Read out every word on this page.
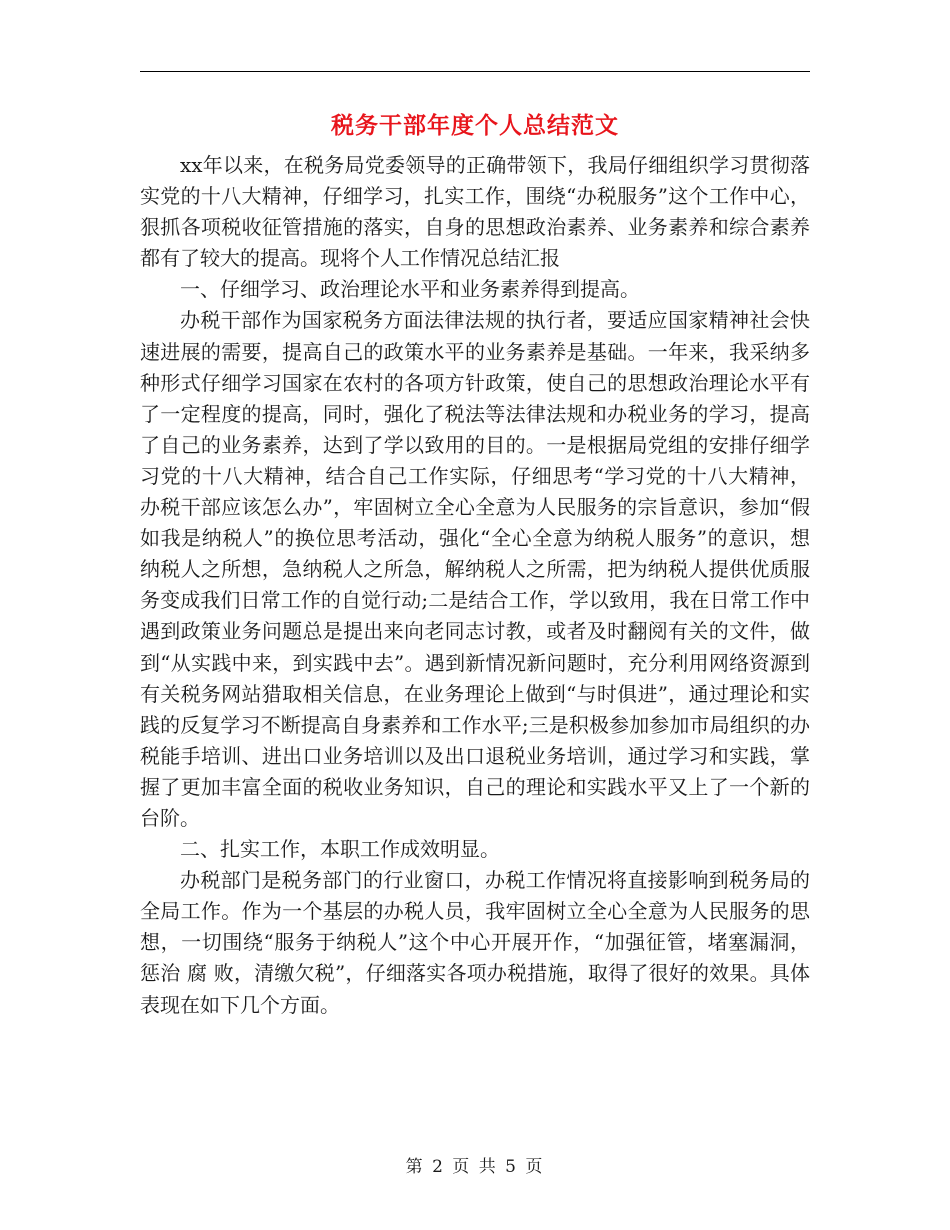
税务干部年度个人总结范文

xx年以来，在税务局党委领导的正确带领下，我局仔细组织学习贯彻落实党的十八大精神，仔细学习，扎实工作，围绕“办税服务”这个工作中心，狠抓各项税收征管措施的落实，自身的思想政治素养、业务素养和综合素养都有了较大的提高。现将个人工作情况总结汇报

一、仔细学习、政治理论水平和业务素养得到提高。

办税干部作为国家税务方面法律法规的执行者，要适应国家精神社会快速进展的需要，提高自己的政策水平的业务素养是基础。一年来，我采纳多种形式仔细学习国家在农村的各项方针政策，使自己的思想政治理论水平有了一定程度的提高，同时，强化了税法等法律法规和办税业务的学习，提高了自己的业务素养，达到了学以致用的目的。一是根据局党组的安排仔细学习党的十八大精神，结合自己工作实际，仔细思考“学习党的十八大精神，办税干部应该怎么办”，牢固树立全心全意为人民服务的宗旨意识，参加“假如我是纳税人”的换位思考活动，强化“全心全意为纳税人服务”的意识，想纳税人之所想，急纳税人之所急，解纳税人之所需，把为纳税人提供优质服务变成我们日常工作的自觉行动;二是结合工作，学以致用，我在日常工作中遇到政策业务问题总是提出来向老同志讨教，或者及时翻阅有关的文件，做到“从实践中来，到实践中去”。遇到新情况新问题时，充分利用网络资源到有关税务网站猎取相关信息，在业务理论上做到“与时俱进”，通过理论和实践的反复学习不断提高自身素养和工作水平;三是积极参加参加市局组织的办税能手培训、进出口业务培训以及出口退税业务培训，通过学习和实践，掌握了更加丰富全面的税收业务知识，自己的理论和实践水平又上了一个新的台阶。

二、扎实工作，本职工作成效明显。

办税部门是税务部门的行业窗口，办税工作情况将直接影响到税务局的全局工作。作为一个基层的办税人员，我牢固树立全心全意为人民服务的思想，一切围绕“服务于纳税人”这个中心开展开作，“加强征管，堵塞漏洞，惩治 腐 败，清缴欠税”，仔细落实各项办税措施，取得了很好的效果。具体表现在如下几个方面。

第 2 页 共 5 页
